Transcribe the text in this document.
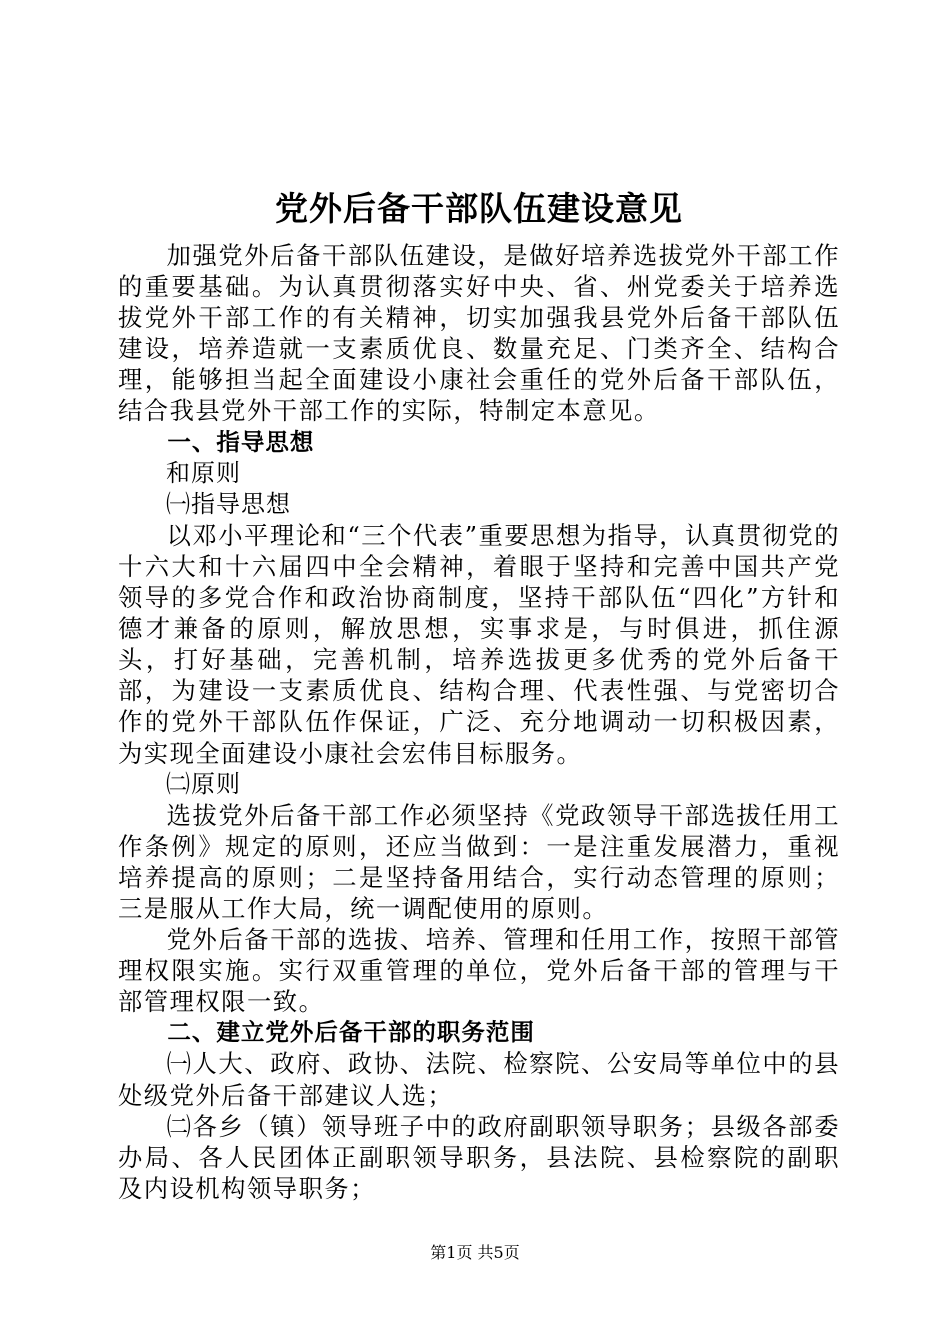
党外后备干部队伍建设意见

加强党外后备干部队伍建设，是做好培养选拔党外干部工作的重要基础。为认真贯彻落实好中央、省、州党委关于培养选拔党外干部工作的有关精神，切实加强我县党外后备干部队伍建设，培养造就一支素质优良、数量充足、门类齐全、结构合理，能够担当起全面建设小康社会重任的党外后备干部队伍，结合我县党外干部工作的实际，特制定本意见。

一、指导思想

和原则

㈠指导思想

以邓小平理论和“三个代表”重要思想为指导，认真贯彻党的十六大和十六届四中全会精神，着眼于坚持和完善中国共产党领导的多党合作和政治协商制度，坚持干部队伍“四化”方针和德才兼备的原则，解放思想，实事求是，与时俱进，抓住源头，打好基础，完善机制，培养选拔更多优秀的党外后备干部，为建设一支素质优良、结构合理、代表性强、与党密切合作的党外干部队伍作保证，广泛、充分地调动一切积极因素，为实现全面建设小康社会宏伟目标服务。

㈡原则

选拔党外后备干部工作必须坚持《党政领导干部选拔任用工作条例》规定的原则，还应当做到：一是注重发展潜力，重视培养提高的原则；二是坚持备用结合，实行动态管理的原则；三是服从工作大局，统一调配使用的原则。

党外后备干部的选拔、培养、管理和任用工作，按照干部管理权限实施。实行双重管理的单位，党外后备干部的管理与干部管理权限一致。

二、建立党外后备干部的职务范围

㈠人大、政府、政协、法院、检察院、公安局等单位中的县处级党外后备干部建议人选；

㈡各乡（镇）领导班子中的政府副职领导职务；县级各部委办局、各人民团体正副职领导职务，县法院、县检察院的副职及内设机构领导职务；

第1页 共5页
